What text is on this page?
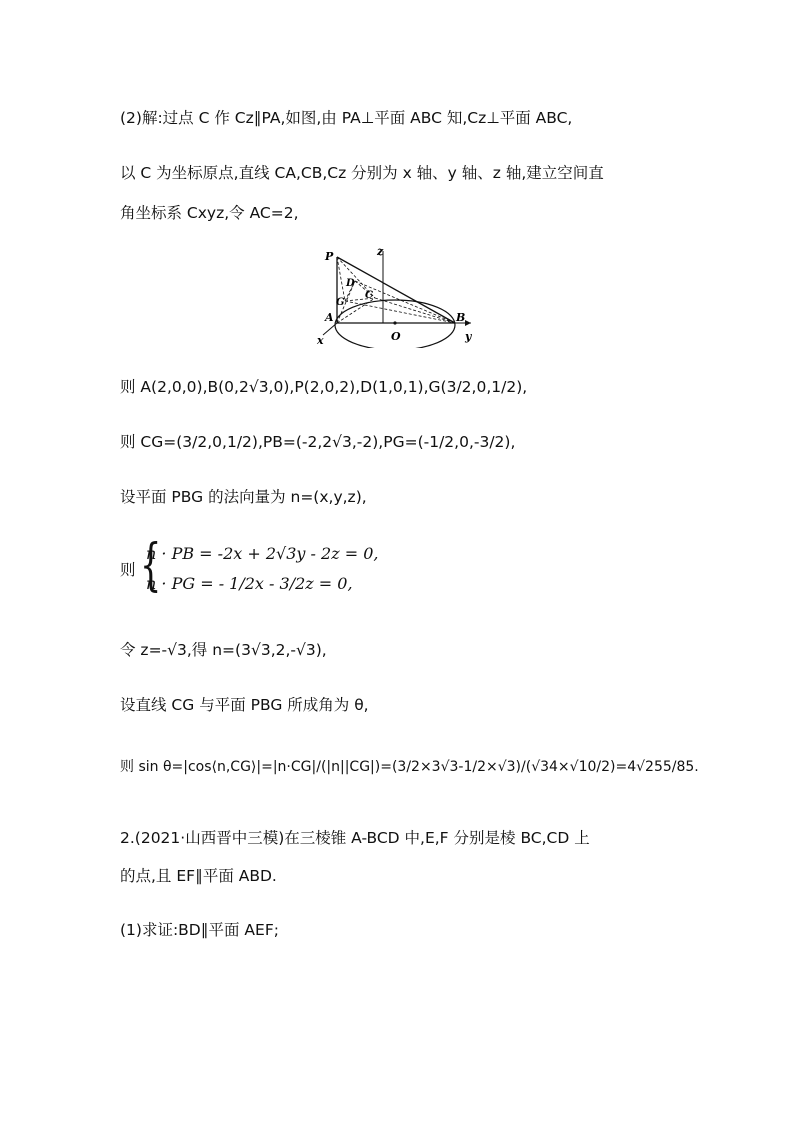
(2)解:过点 C 作 Cz∥PA,如图,由 PA⊥平面 ABC 知,Cz⊥平面 ABC,
以 C 为坐标原点,直线 CA,CB,Cz 分别为 x 轴、y 轴、z 轴,建立空间直
角坐标系 Cxyz,令 AC=2,
P	z
D
G
C
A	B
x	O	y
则 A(2,0,0),B(0,2√3,0),P(2,0,2),D(1,0,1),G(3/2,0,1/2),
则 CG=(3/2,0,1/2),PB=(-2,2√3,-2),PG=(-1/2,0,-3/2),
设平面 PBG 的法向量为 n=(x,y,z),
则 {
n · PB = -2x + 2√3y - 2z = 0,
n · PG = - 1/2x - 3/2z = 0,
令 z=-√3,得 n=(3√3,2,-√3),
设直线 CG 与平面 PBG 所成角为 θ,
则 sin θ=|cos⟨n,CG⟩|=|n·CG|/(|n||CG|)=(3/2×3√3-1/2×√3)/(√34×√10/2)=4√255/85.
2.(2021·山西晋中三模)在三棱锥 A-BCD 中,E,F 分别是棱 BC,CD 上
的点,且 EF∥平面 ABD.
(1)求证:BD∥平面 AEF;
